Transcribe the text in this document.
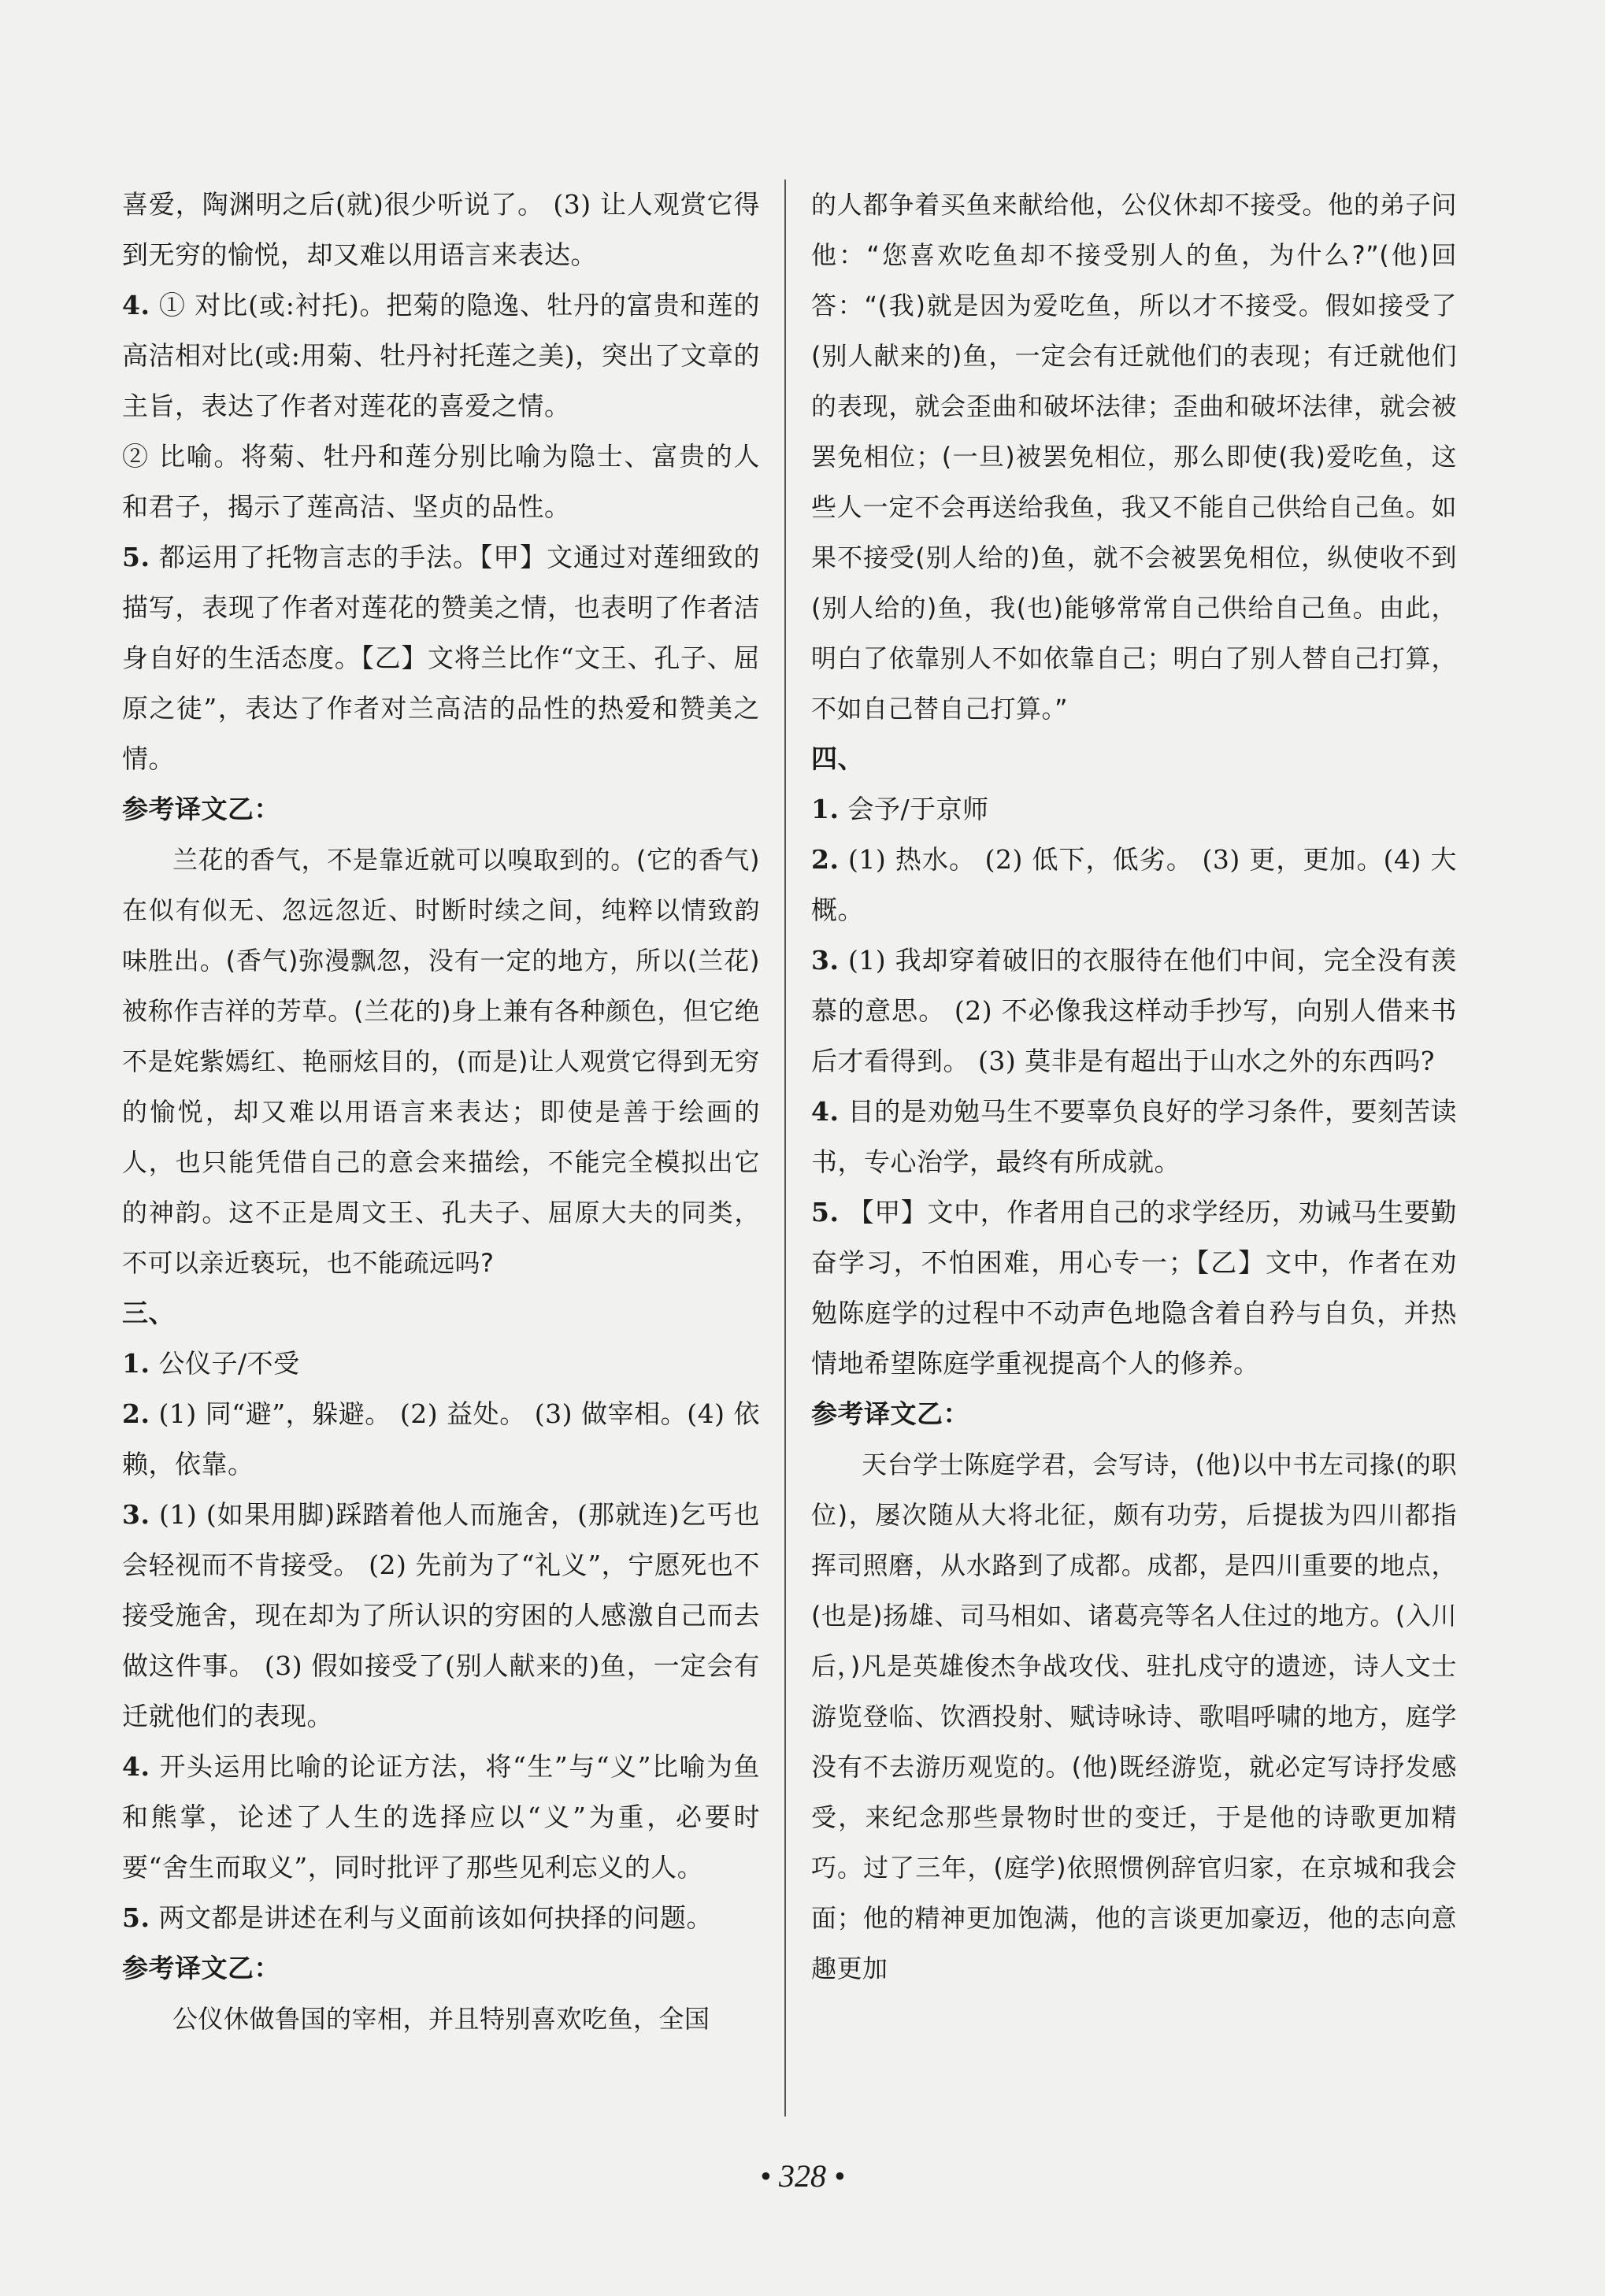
喜爱，陶渊明之后(就)很少听说了。 (3) 让人观赏它得到无穷的愉悦，却又难以用语言来表达。

4. ① 对比(或:衬托)。把菊的隐逸、牡丹的富贵和莲的高洁相对比(或:用菊、牡丹衬托莲之美)，突出了文章的主旨，表达了作者对莲花的喜爱之情。

② 比喻。将菊、牡丹和莲分别比喻为隐士、富贵的人和君子，揭示了莲高洁、坚贞的品性。

5. 都运用了托物言志的手法。【甲】文通过对莲细致的描写，表现了作者对莲花的赞美之情，也表明了作者洁身自好的生活态度。【乙】文将兰比作“文王、孔子、屈原之徒”，表达了作者对兰高洁的品性的热爱和赞美之情。

参考译文乙：

兰花的香气，不是靠近就可以嗅取到的。(它的香气)在似有似无、忽远忽近、时断时续之间，纯粹以情致韵味胜出。(香气)弥漫飘忽，没有一定的地方，所以(兰花)被称作吉祥的芳草。(兰花的)身上兼有各种颜色，但它绝不是姹紫嫣红、艳丽炫目的，(而是)让人观赏它得到无穷的愉悦，却又难以用语言来表达；即使是善于绘画的人，也只能凭借自己的意会来描绘，不能完全模拟出它的神韵。这不正是周文王、孔夫子、屈原大夫的同类，不可以亲近亵玩，也不能疏远吗?

三、

1. 公仪子/不受

2. (1) 同“避”，躲避。 (2) 益处。 (3) 做宰相。(4) 依赖，依靠。

3. (1) (如果用脚)踩踏着他人而施舍，(那就连)乞丐也会轻视而不肯接受。 (2) 先前为了“礼义”，宁愿死也不接受施舍，现在却为了所认识的穷困的人感激自己而去做这件事。 (3) 假如接受了(别人献来的)鱼，一定会有迁就他们的表现。

4. 开头运用比喻的论证方法，将“生”与“义”比喻为鱼和熊掌，论述了人生的选择应以“义”为重，必要时要“舍生而取义”，同时批评了那些见利忘义的人。

5. 两文都是讲述在利与义面前该如何抉择的问题。

参考译文乙：

公仪休做鲁国的宰相，并且特别喜欢吃鱼，全国

的人都争着买鱼来献给他，公仪休却不接受。他的弟子问他：“您喜欢吃鱼却不接受别人的鱼，为什么?”(他)回答：“(我)就是因为爱吃鱼，所以才不接受。假如接受了(别人献来的)鱼，一定会有迁就他们的表现；有迁就他们的表现，就会歪曲和破坏法律；歪曲和破坏法律，就会被罢免相位；(一旦)被罢免相位，那么即使(我)爱吃鱼，这些人一定不会再送给我鱼，我又不能自己供给自己鱼。如果不接受(别人给的)鱼，就不会被罢免相位，纵使收不到(别人给的)鱼，我(也)能够常常自己供给自己鱼。由此，明白了依靠别人不如依靠自己；明白了别人替自己打算，不如自己替自己打算。”

四、

1. 会予/于京师

2. (1) 热水。 (2) 低下，低劣。 (3) 更，更加。(4) 大概。

3. (1) 我却穿着破旧的衣服待在他们中间，完全没有羡慕的意思。 (2) 不必像我这样动手抄写，向别人借来书后才看得到。 (3) 莫非是有超出于山水之外的东西吗?

4. 目的是劝勉马生不要辜负良好的学习条件，要刻苦读书，专心治学，最终有所成就。

5. 【甲】文中，作者用自己的求学经历，劝诫马生要勤奋学习，不怕困难，用心专一；【乙】文中，作者在劝勉陈庭学的过程中不动声色地隐含着自矜与自负，并热情地希望陈庭学重视提高个人的修养。

参考译文乙：

天台学士陈庭学君，会写诗，(他)以中书左司掾(的职位)，屡次随从大将北征，颇有功劳，后提拔为四川都指挥司照磨，从水路到了成都。成都，是四川重要的地点，(也是)扬雄、司马相如、诸葛亮等名人住过的地方。(入川后，)凡是英雄俊杰争战攻伐、驻扎戍守的遗迹，诗人文士游览登临、饮酒投射、赋诗咏诗、歌唱呼啸的地方，庭学没有不去游历观览的。(他)既经游览，就必定写诗抒发感受，来纪念那些景物时世的变迁，于是他的诗歌更加精巧。过了三年，(庭学)依照惯例辞官归家，在京城和我会面；他的精神更加饱满，他的言谈更加豪迈，他的志向意趣更加

• 328 •
